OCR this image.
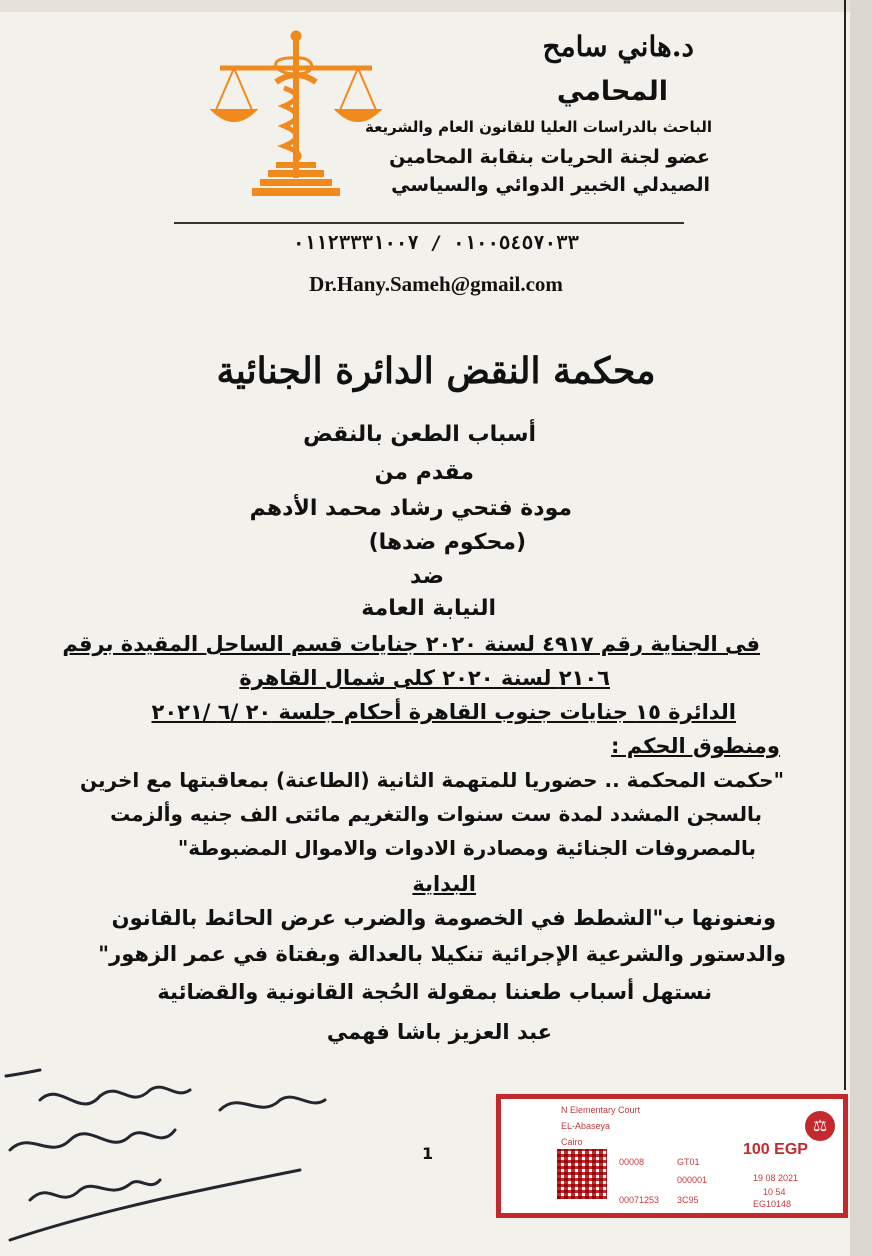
د.هاني سامح
المحامي
الباحث بالدراسات العليا للقانون العام والشريعة
عضو لجنة الحريات بنقابة المحامين
الصيدلي الخبير الدوائي والسياسي
٠١٠٠٥٤٥٧٠٣٣ / ٠١١٢٣٣٣١٠٠٧
Dr.Hany.Sameh@gmail.com
محكمة النقض الدائرة الجنائية
أسباب الطعن بالنقض
مقدم من
مودة فتحي رشاد محمد الأدهم
(محكوم ضدها)
ضد
النيابة العامة
فى الجناية رقم ٤٩١٧ لسنة ٢٠٢٠ جنايات قسم الساحل المقيدة برقم
٢١٠٦ لسنة ٢٠٢٠ كلى شمال القاهرة
الدائرة ١٥ جنايات جنوب القاهرة أحكام جلسة ٢٠ /٦ /٢٠٢١
ومنطوق الحكم :
"حكمت المحكمة .. حضوريا للمتهمة الثانية (الطاعنة) بمعاقبتها مع اخرين
بالسجن المشدد لمدة ست سنوات والتغريم مائتى الف جنيه وألزمت
بالمصروفات الجنائية ومصادرة الادوات والاموال المضبوطة"
البداية
ونعنونها ب"الشطط في الخصومة والضرب عرض الحائط بالقانون
والدستور والشرعية الإجرائية تنكيلا بالعدالة وبفتاة في عمر الزهور"
نستهل أسباب طعننا بمقولة الحُجة القانونية والقضائية
عبد العزيز باشا فهمي
1
N Elementary Court
EL-Abaseya
Cairo
00008	GT01
000001
00071253 3C95
100 EGP
19 08 2021
10 54
EG10148
⚖
